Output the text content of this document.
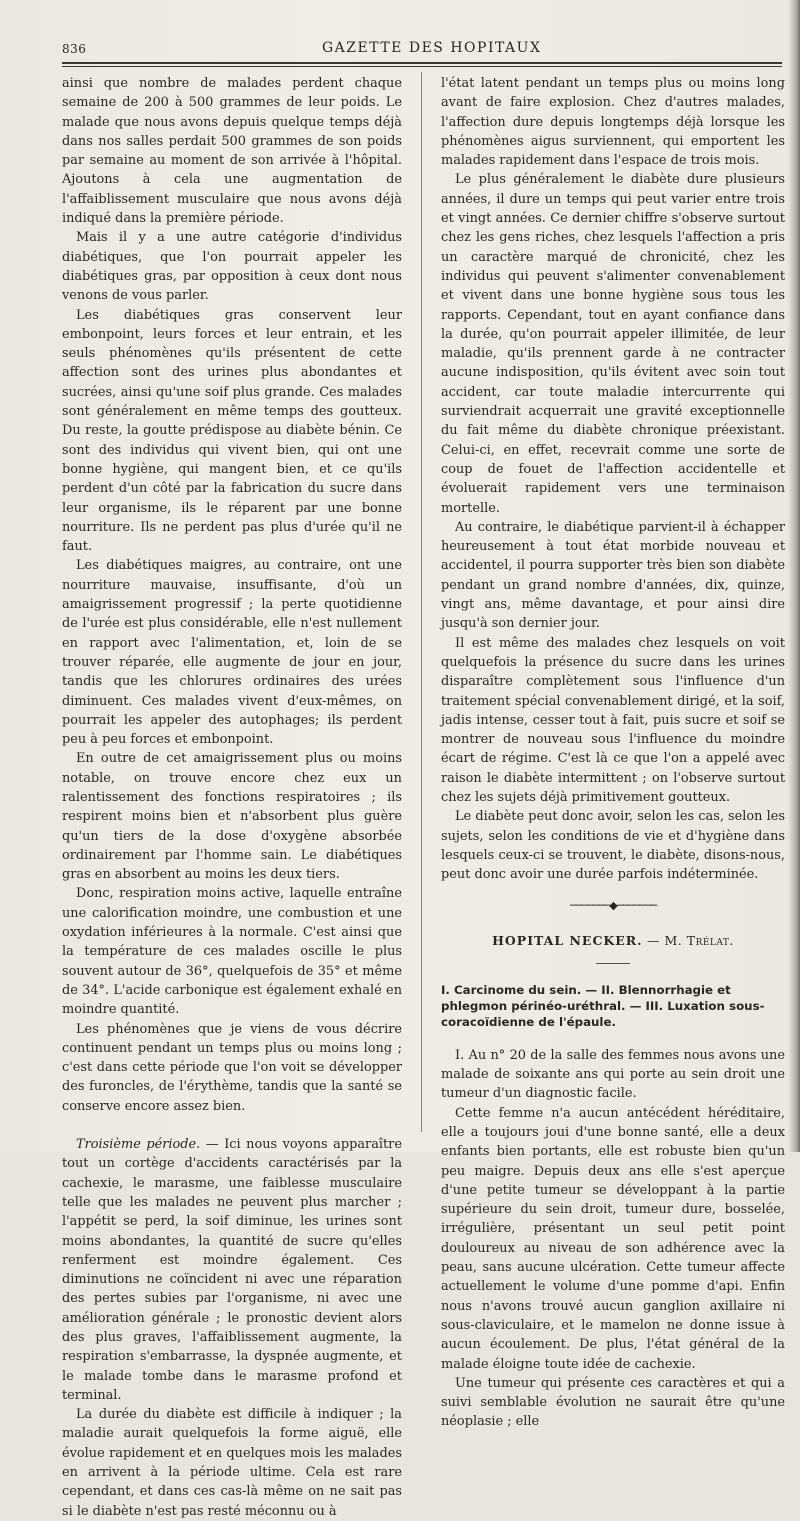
836	GAZETTE DES HOPITAUX

ainsi que nombre de malades perdent chaque semaine de 200 à 500 grammes de leur poids. Le malade que nous avons depuis quelque temps déjà dans nos salles perdait 500 grammes de son poids par semaine au moment de son arrivée à l'hôpital. Ajoutons à cela une augmentation de l'affaiblissement musculaire que nous avons déjà indiqué dans la première période.

Mais il y a une autre catégorie d'individus diabétiques, que l'on pourrait appeler les diabétiques gras, par opposition à ceux dont nous venons de vous parler.

Les diabétiques gras conservent leur embonpoint, leurs forces et leur entrain, et les seuls phénomènes qu'ils présentent de cette affection sont des urines plus abondantes et sucrées, ainsi qu'une soif plus grande. Ces malades sont généralement en même temps des goutteux. Du reste, la goutte prédispose au diabète bénin. Ce sont des individus qui vivent bien, qui ont une bonne hygiène, qui mangent bien, et ce qu'ils perdent d'un côté par la fabrication du sucre dans leur organisme, ils le réparent par une bonne nourriture. Ils ne perdent pas plus d'urée qu'il ne faut.

Les diabétiques maigres, au contraire, ont une nourriture mauvaise, insuffisante, d'où un amaigrissement progressif ; la perte quotidienne de l'urée est plus considérable, elle n'est nullement en rapport avec l'alimentation, et, loin de se trouver réparée, elle augmente de jour en jour, tandis que les chlorures ordinaires des urées diminuent. Ces malades vivent d'eux-mêmes, on pourrait les appeler des autophages; ils perdent peu à peu forces et embonpoint.

En outre de cet amaigrissement plus ou moins notable, on trouve encore chez eux un ralentissement des fonctions respiratoires ; ils respirent moins bien et n'absorbent plus guère qu'un tiers de la dose d'oxygène absorbée ordinairement par l'homme sain. Le diabétiques gras en absorbent au moins les deux tiers.

Donc, respiration moins active, laquelle entraîne une calorification moindre, une combustion et une oxydation inférieures à la normale. C'est ainsi que la température de ces malades oscille le plus souvent autour de 36°, quelquefois de 35° et même de 34°. L'acide carbonique est également exhalé en moindre quantité.

Les phénomènes que je viens de vous décrire continuent pendant un temps plus ou moins long ; c'est dans cette période que l'on voit se développer des furoncles, de l'érythème, tandis que la santé se conserve encore assez bien.

Troisième période. — Ici nous voyons apparaître tout un cortège d'accidents caractérisés par la cachexie, le marasme, une faiblesse musculaire telle que les malades ne peuvent plus marcher ; l'appétit se perd, la soif diminue, les urines sont moins abondantes, la quantité de sucre qu'elles renferment est moindre également. Ces diminutions ne coïncident ni avec une réparation des pertes subies par l'organisme, ni avec une amélioration générale ; le pronostic devient alors des plus graves, l'affaiblissement augmente, la respiration s'embarrasse, la dyspnée augmente, et le malade tombe dans le marasme profond et terminal.

La durée du diabète est difficile à indiquer ; la maladie aurait quelquefois la forme aiguë, elle évolue rapidement et en quelques mois les malades en arrivent à la période ultime. Cela est rare cependant, et dans ces cas-là même on ne sait pas si le diabète n'est pas resté méconnu ou à

l'état latent pendant un temps plus ou moins long avant de faire explosion. Chez d'autres malades, l'affection dure depuis longtemps déjà lorsque les phénomènes aigus surviennent, qui emportent les malades rapidement dans l'espace de trois mois.

Le plus généralement le diabète dure plusieurs années, il dure un temps qui peut varier entre trois et vingt années. Ce dernier chiffre s'observe surtout chez les gens riches, chez lesquels l'affection a pris un caractère marqué de chronicité, chez les individus qui peuvent s'alimenter convenablement et vivent dans une bonne hygiène sous tous les rapports. Cependant, tout en ayant confiance dans la durée, qu'on pourrait appeler illimitée, de leur maladie, qu'ils prennent garde à ne contracter aucune indisposition, qu'ils évitent avec soin tout accident, car toute maladie intercurrente qui surviendrait acquerrait une gravité exceptionnelle du fait même du diabète chronique préexistant. Celui-ci, en effet, recevrait comme une sorte de coup de fouet de l'affection accidentelle et évoluerait rapidement vers une terminaison mortelle.

Au contraire, le diabétique parvient-il à échapper heureusement à tout état morbide nouveau et accidentel, il pourra supporter très bien son diabète pendant un grand nombre d'années, dix, quinze, vingt ans, même davantage, et pour ainsi dire jusqu'à son dernier jour.

Il est même des malades chez lesquels on voit quelquefois la présence du sucre dans les urines disparaître complètement sous l'influence d'un traitement spécial convenablement dirigé, et la soif, jadis intense, cesser tout à fait, puis sucre et soif se montrer de nouveau sous l'influence du moindre écart de régime. C'est là ce que l'on a appelé avec raison le diabète intermittent ; on l'observe surtout chez les sujets déjà primitivement goutteux.

Le diabète peut donc avoir, selon les cas, selon les sujets, selon les conditions de vie et d'hygiène dans lesquels ceux-ci se trouvent, le diabète, disons-nous, peut donc avoir une durée parfois indéterminée.

───────◆───────
HOPITAL NECKER. — M. Trélat.
I. Carcinome du sein. — II. Blennorrhagie et phlegmon périnéo-uréthral. — III. Luxation sous-coracoïdienne de l'épaule.

I. Au n° 20 de la salle des femmes nous avons une malade de soixante ans qui porte au sein droit une tumeur d'un diagnostic facile.

Cette femme n'a aucun antécédent héréditaire, elle a toujours joui d'une bonne santé, elle a deux enfants bien portants, elle est robuste bien qu'un peu maigre. Depuis deux ans elle s'est aperçue d'une petite tumeur se développant à la partie supérieure du sein droit, tumeur dure, bosselée, irrégulière, présentant un seul petit point douloureux au niveau de son adhérence avec la peau, sans aucune ulcération. Cette tumeur affecte actuellement le volume d'une pomme d'api. Enfin nous n'avons trouvé aucun ganglion axillaire ni sous-claviculaire, et le mamelon ne donne issue à aucun écoulement. De plus, l'état général de la malade éloigne toute idée de cachexie.

Une tumeur qui présente ces caractères et qui a suivi semblable évolution ne saurait être qu'une néoplasie ; elle
